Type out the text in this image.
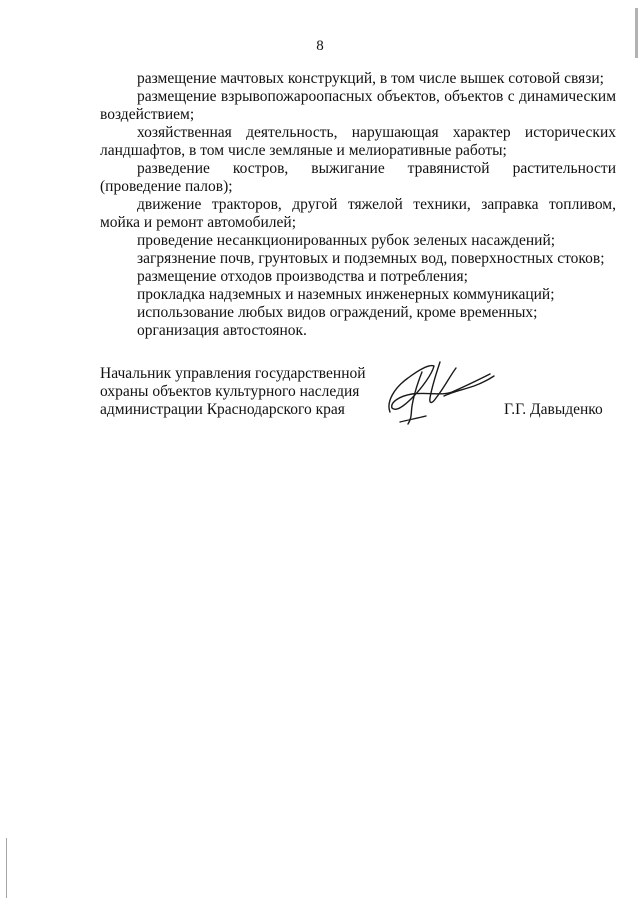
8

размещение мачтовых конструкций, в том числе вышек сотовой связи;

размещение взрывопожароопасных объектов, объектов с динамическим воздействием;

хозяйственная деятельность, нарушающая характер исторических ландшафтов, в том числе земляные и мелиоративные работы;

разведение костров, выжигание травянистой растительности (проведение палов);

движение тракторов, другой тяжелой техники, заправка топливом, мойка и ремонт автомобилей;

проведение несанкционированных рубок зеленых насаждений;

загрязнение почв, грунтовых и подземных вод, поверхностных стоков;

размещение отходов производства и потребления;

прокладка надземных и наземных инженерных коммуникаций;

использование любых видов ограждений, кроме временных;

организация автостоянок.

Начальник управления государственной
охраны объектов культурного наследия
администрации Краснодарского края	Г.Г. Давыденко
